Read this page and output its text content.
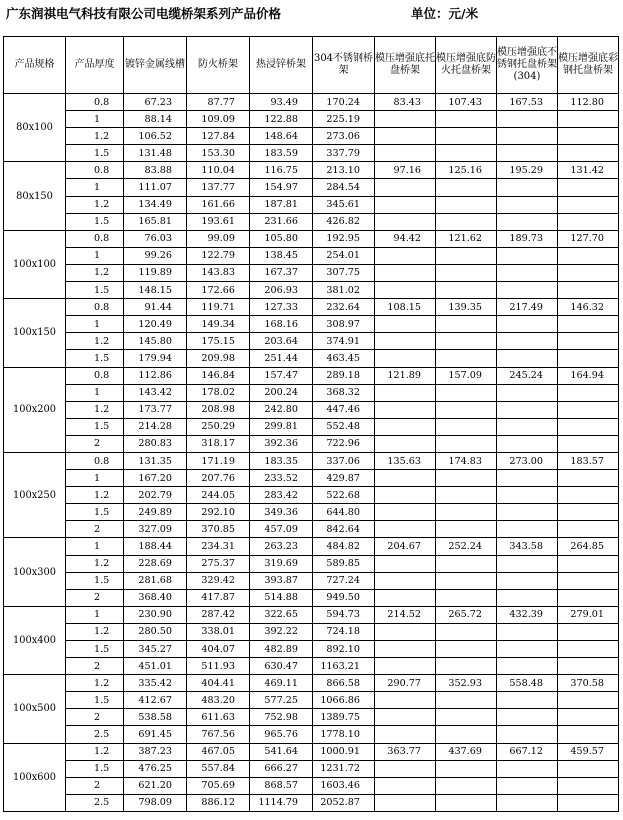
广东润祺电气科技有限公司电缆桥架系列产品价格	单位：元/米
产品规格	产品厚度	镀锌金属线槽	防火桥架	热浸锌桥架	304不锈钢桥架	模压增强底托盘桥架	模压增强底防火托盘桥架	模压增强底不锈钢托盘桥架(304)	模压增强底彩钢托盘桥架
80x100	0.8	67.23	87.77	93.49	170.24	83.43	107.43	167.53	112.80
	1	88.14	109.09	122.88	225.19				
	1.2	106.52	127.84	148.64	273.06				
	1.5	131.48	153.30	183.59	337.79				
80x150	0.8	83.88	110.04	116.75	213.10	97.16	125.16	195.29	131.42
	1	111.07	137.77	154.97	284.54				
	1.2	134.49	161.66	187.81	345.61				
	1.5	165.81	193.61	231.66	426.82				
100x100	0.8	76.03	99.09	105.80	192.95	94.42	121.62	189.73	127.70
	1	99.26	122.79	138.45	254.01				
	1.2	119.89	143.83	167.37	307.75				
	1.5	148.15	172.66	206.93	381.02				
100x150	0.8	91.44	119.71	127.33	232.64	108.15	139.35	217.49	146.32
	1	120.49	149.34	168.16	308.97				
	1.2	145.80	175.15	203.64	374.91				
	1.5	179.94	209.98	251.44	463.45				
100x200	0.8	112.86	146.84	157.47	289.18	121.89	157.09	245.24	164.94
	1	143.42	178.02	200.24	368.32				
	1.2	173.77	208.98	242.80	447.46				
	1.5	214.28	250.29	299.81	552.48				
	2	280.83	318.17	392.36	722.96				
100x250	0.8	131.35	171.19	183.35	337.06	135.63	174.83	273.00	183.57
	1	167.20	207.76	233.52	429.87				
	1.2	202.79	244.05	283.42	522.68				
	1.5	249.89	292.10	349.36	644.80				
	2	327.09	370.85	457.09	842.64				
100x300	1	188.44	234.31	263.23	484.82	204.67	252.24	343.58	264.85
	1.2	228.69	275.37	319.69	589.85				
	1.5	281.68	329.42	393.87	727.24				
	2	368.40	417.87	514.88	949.50				
100x400	1	230.90	287.42	322.65	594.73	214.52	265.72	432.39	279.01
	1.2	280.50	338.01	392.22	724.18				
	1.5	345.27	404.07	482.89	892.10				
	2	451.01	511.93	630.47	1163.21				
100x500	1.2	335.42	404.41	469.11	866.58	290.77	352.93	558.48	370.58
	1.5	412.67	483.20	577.25	1066.86				
	2	538.58	611.63	752.98	1389.75				
	2.5	691.45	767.56	965.76	1778.10				
100x600	1.2	387.23	467.05	541.64	1000.91	363.77	437.69	667.12	459.57
	1.5	476.25	557.84	666.27	1231.72				
	2	621.20	705.69	868.57	1603.46				
	2.5	798.09	886.12	1114.79	2052.87				
